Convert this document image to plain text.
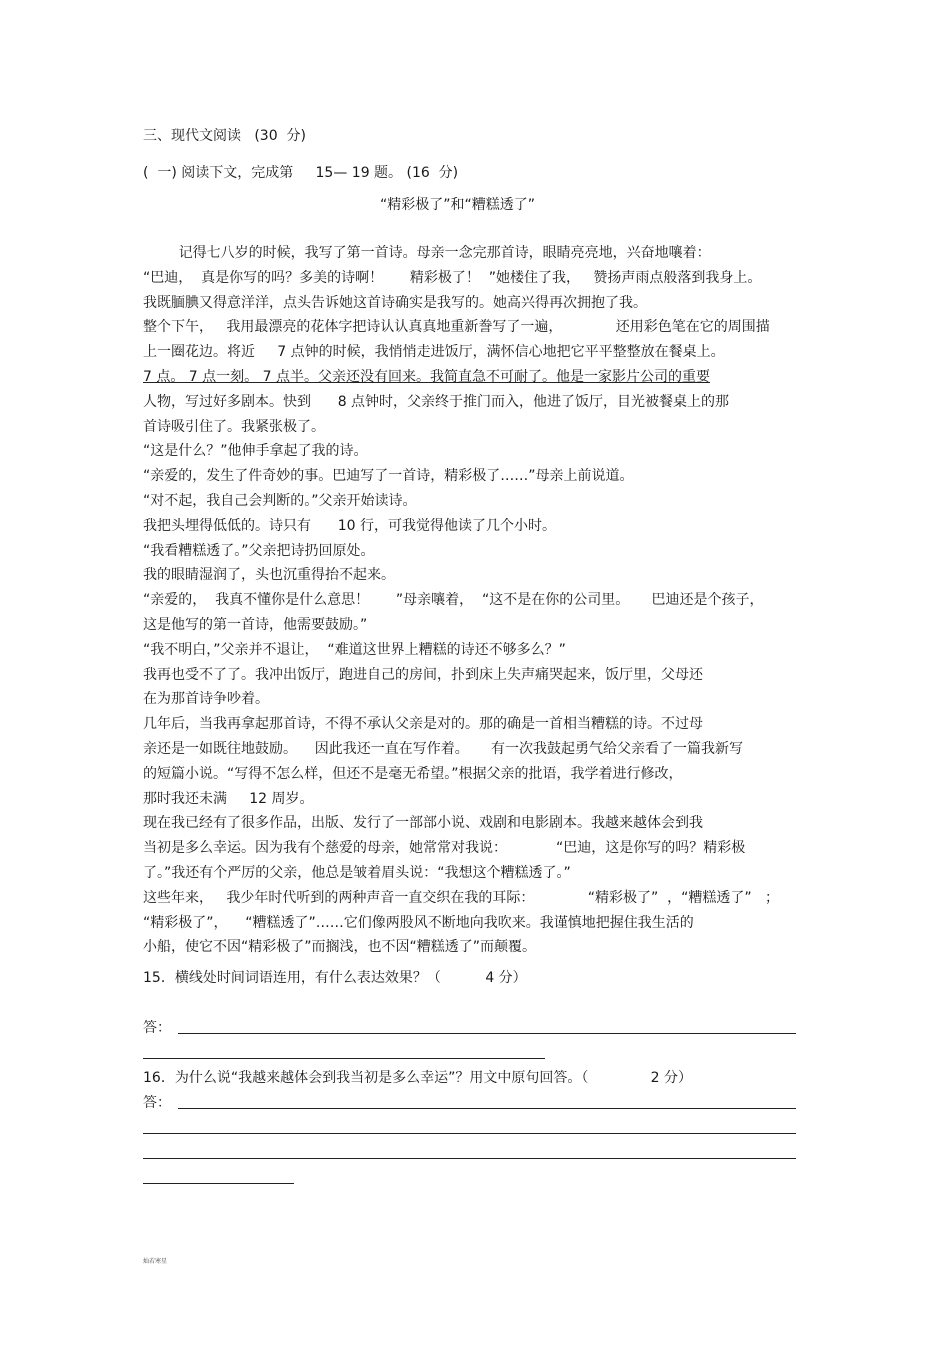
三、现代文阅读   (30  分)
(  一) 阅读下文，完成第     15— 19 题。 (16  分)
“精彩极了”和“糟糕透了”
记得七八岁的时候，我写了第一首诗。母亲一念完那首诗，眼睛亮亮地，兴奋地嚷着：
“巴迪，  真是你写的吗？多美的诗啊！      精彩极了！  ”她楼住了我，   赞扬声雨点般落到我身上。
我既腼腆又得意洋洋，点头告诉她这首诗确实是我写的。她高兴得再次拥抱了我。
整个下午，   我用最漂亮的花体字把诗认认真真地重新誊写了一遍，            还用彩色笔在它的周围描
上一圈花边。将近     7 点钟的时候，我悄悄走进饭厅，满怀信心地把它平平整整放在餐桌上。
7 点。 7 点一刻。 7 点半。父亲还没有回来。我简直急不可耐了。他是一家影片公司的重要
人物，写过好多剧本。快到      8 点钟时，父亲终于推门而入，他进了饭厅，目光被餐桌上的那
首诗吸引住了。我紧张极了。
“这是什么？”他伸手拿起了我的诗。
“亲爱的，发生了件奇妙的事。巴迪写了一首诗，精彩极了……”母亲上前说道。
“对不起，我自己会判断的。”父亲开始读诗。
我把头埋得低低的。诗只有      10 行，可我觉得他读了几个小时。
“我看糟糕透了。”父亲把诗扔回原处。
我的眼睛湿润了，头也沉重得抬不起来。
“亲爱的，  我真不懂你是什么意思！      ”母亲嚷着，  “这不是在你的公司里。     巴迪还是个孩子，
这是他写的第一首诗，他需要鼓励。”
“我不明白，”父亲并不退让，  “难道这世界上糟糕的诗还不够多么？”
我再也受不了了。我冲出饭厅，跑进自己的房间，扑到床上失声痛哭起来，饭厅里，父母还
在为那首诗争吵着。
几年后，当我再拿起那首诗，不得不承认父亲是对的。那的确是一首相当糟糕的诗。不过母
亲还是一如既往地鼓励。    因此我还一直在写作着。     有一次我鼓起勇气给父亲看了一篇我新写
的短篇小说。“写得不怎么样，但还不是毫无希望。”根据父亲的批语，我学着进行修改，
那时我还未满     12 周岁。
现在我已经有了很多作品，出版、发行了一部部小说、戏剧和电影剧本。我越来越体会到我
当初是多么幸运。因为我有个慈爱的母亲，她常常对我说：           “巴迪，这是你写的吗？精彩极
了。”我还有个严厉的父亲，他总是皱着眉头说：“我想这个糟糕透了。”
这些年来，   我少年时代听到的两种声音一直交织在我的耳际：            “精彩极了”  ，“糟糕透了”   ；
“精彩极了”，    “糟糕透了”……它们像两股风不断地向我吹来。我谨慎地把握住我生活的
小船，使它不因“精彩极了”而搁浅，也不因“糟糕透了”而颠覆。
15．横线处时间词语连用，有什么表达效果？（          4 分）
答：
16．为什么说“我越来越体会到我当初是多么幸运”？用文中原句回答。（              2 分）
答：
灿若寒星
